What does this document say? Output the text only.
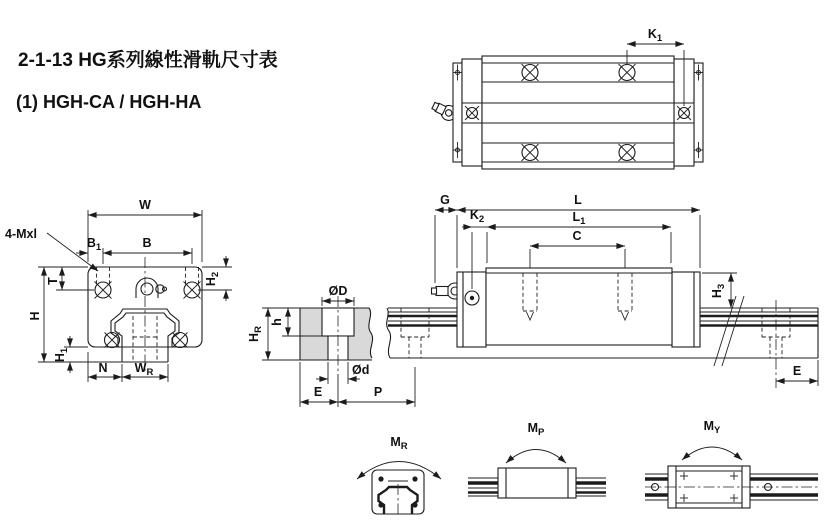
2-1-13 HG系列線性滑軌尺寸表
(1) HGH-CA / HGH-HA
$K_1$
W
$B_1$	B
4-Mxl
T
H
$H_1$
$H_2$
N $W_R$
ØD
Ød
h
$H_R$
E	P
G	L
$K_2$	$L_1$
C
$H_3$
E
$M_R$
$M_P$	$M_Y$
